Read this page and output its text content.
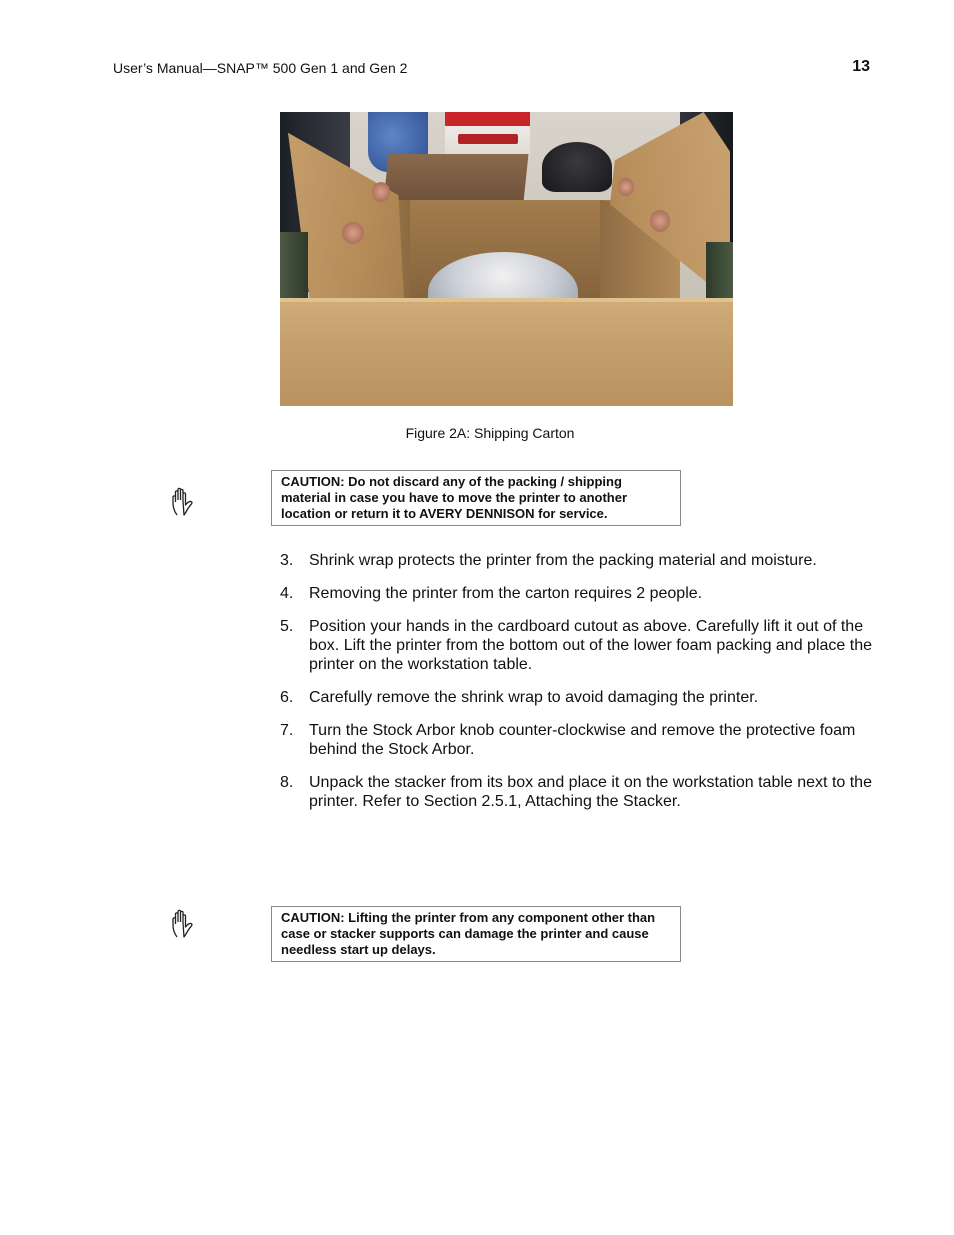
User’s Manual—SNAP™ 500 Gen 1 and Gen 2	13
Figure 2A: Shipping Carton
CAUTION: Do not discard any of the packing / shipping material in case you have to move the printer to another location or return it to AVERY DENNISON for service.
3. Shrink wrap protects the printer from the packing material and moisture.
4. Removing the printer from the carton requires 2 people.
5. Position your hands in the cardboard cutout as above. Carefully lift it out of the box. Lift the printer from the bottom out of the lower foam packing and place the printer on the workstation table.
6. Carefully remove the shrink wrap to avoid damaging the printer.
7. Turn the Stock Arbor knob counter-clockwise and remove the protective foam behind the Stock Arbor.
8. Unpack the stacker from its box and place it on the workstation table next to the printer. Refer to Section 2.5.1, Attaching the Stacker.
CAUTION: Lifting the printer from any component other than case or stacker supports can damage the printer and cause needless start up delays.
